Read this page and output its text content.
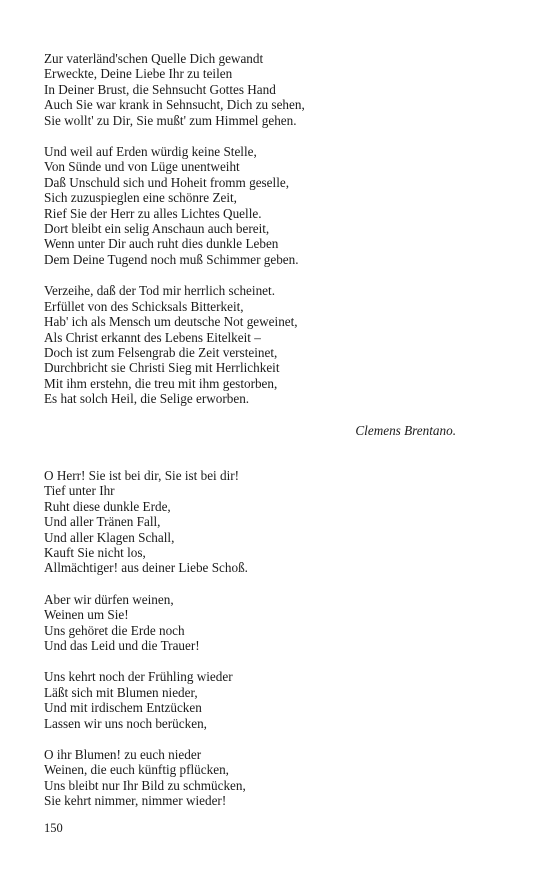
Zur vaterländ'schen Quelle Dich gewandt
Erweckte, Deine Liebe Ihr zu teilen
In Deiner Brust, die Sehnsucht Gottes Hand
Auch Sie war krank in Sehnsucht, Dich zu sehen,
Sie wollt' zu Dir, Sie mußt' zum Himmel gehen.
Und weil auf Erden würdig keine Stelle,
Von Sünde und von Lüge unentweiht
Daß Unschuld sich und Hoheit fromm geselle,
Sich zuzuspieglen eine schönre Zeit,
Rief Sie der Herr zu alles Lichtes Quelle.
Dort bleibt ein selig Anschaun auch bereit,
Wenn unter Dir auch ruht dies dunkle Leben
Dem Deine Tugend noch muß Schimmer geben.
Verzeihe, daß der Tod mir herrlich scheinet.
Erfüllet von des Schicksals Bitterkeit,
Hab' ich als Mensch um deutsche Not geweinet,
Als Christ erkannt des Lebens Eitelkeit –
Doch ist zum Felsengrab die Zeit versteinet,
Durchbricht sie Christi Sieg mit Herrlichkeit
Mit ihm erstehn, die treu mit ihm gestorben,
Es hat solch Heil, die Selige erworben.
Clemens Brentano.
O Herr! Sie ist bei dir, Sie ist bei dir!
Tief unter Ihr
Ruht diese dunkle Erde,
Und aller Tränen Fall,
Und aller Klagen Schall,
Kauft Sie nicht los,
Allmächtiger! aus deiner Liebe Schoß.
Aber wir dürfen weinen,
Weinen um Sie!
Uns gehöret die Erde noch
Und das Leid und die Trauer!
Uns kehrt noch der Frühling wieder
Läßt sich mit Blumen nieder,
Und mit irdischem Entzücken
Lassen wir uns noch berücken,
O ihr Blumen! zu euch nieder
Weinen, die euch künftig pflücken,
Uns bleibt nur Ihr Bild zu schmücken,
Sie kehrt nimmer, nimmer wieder!
150
